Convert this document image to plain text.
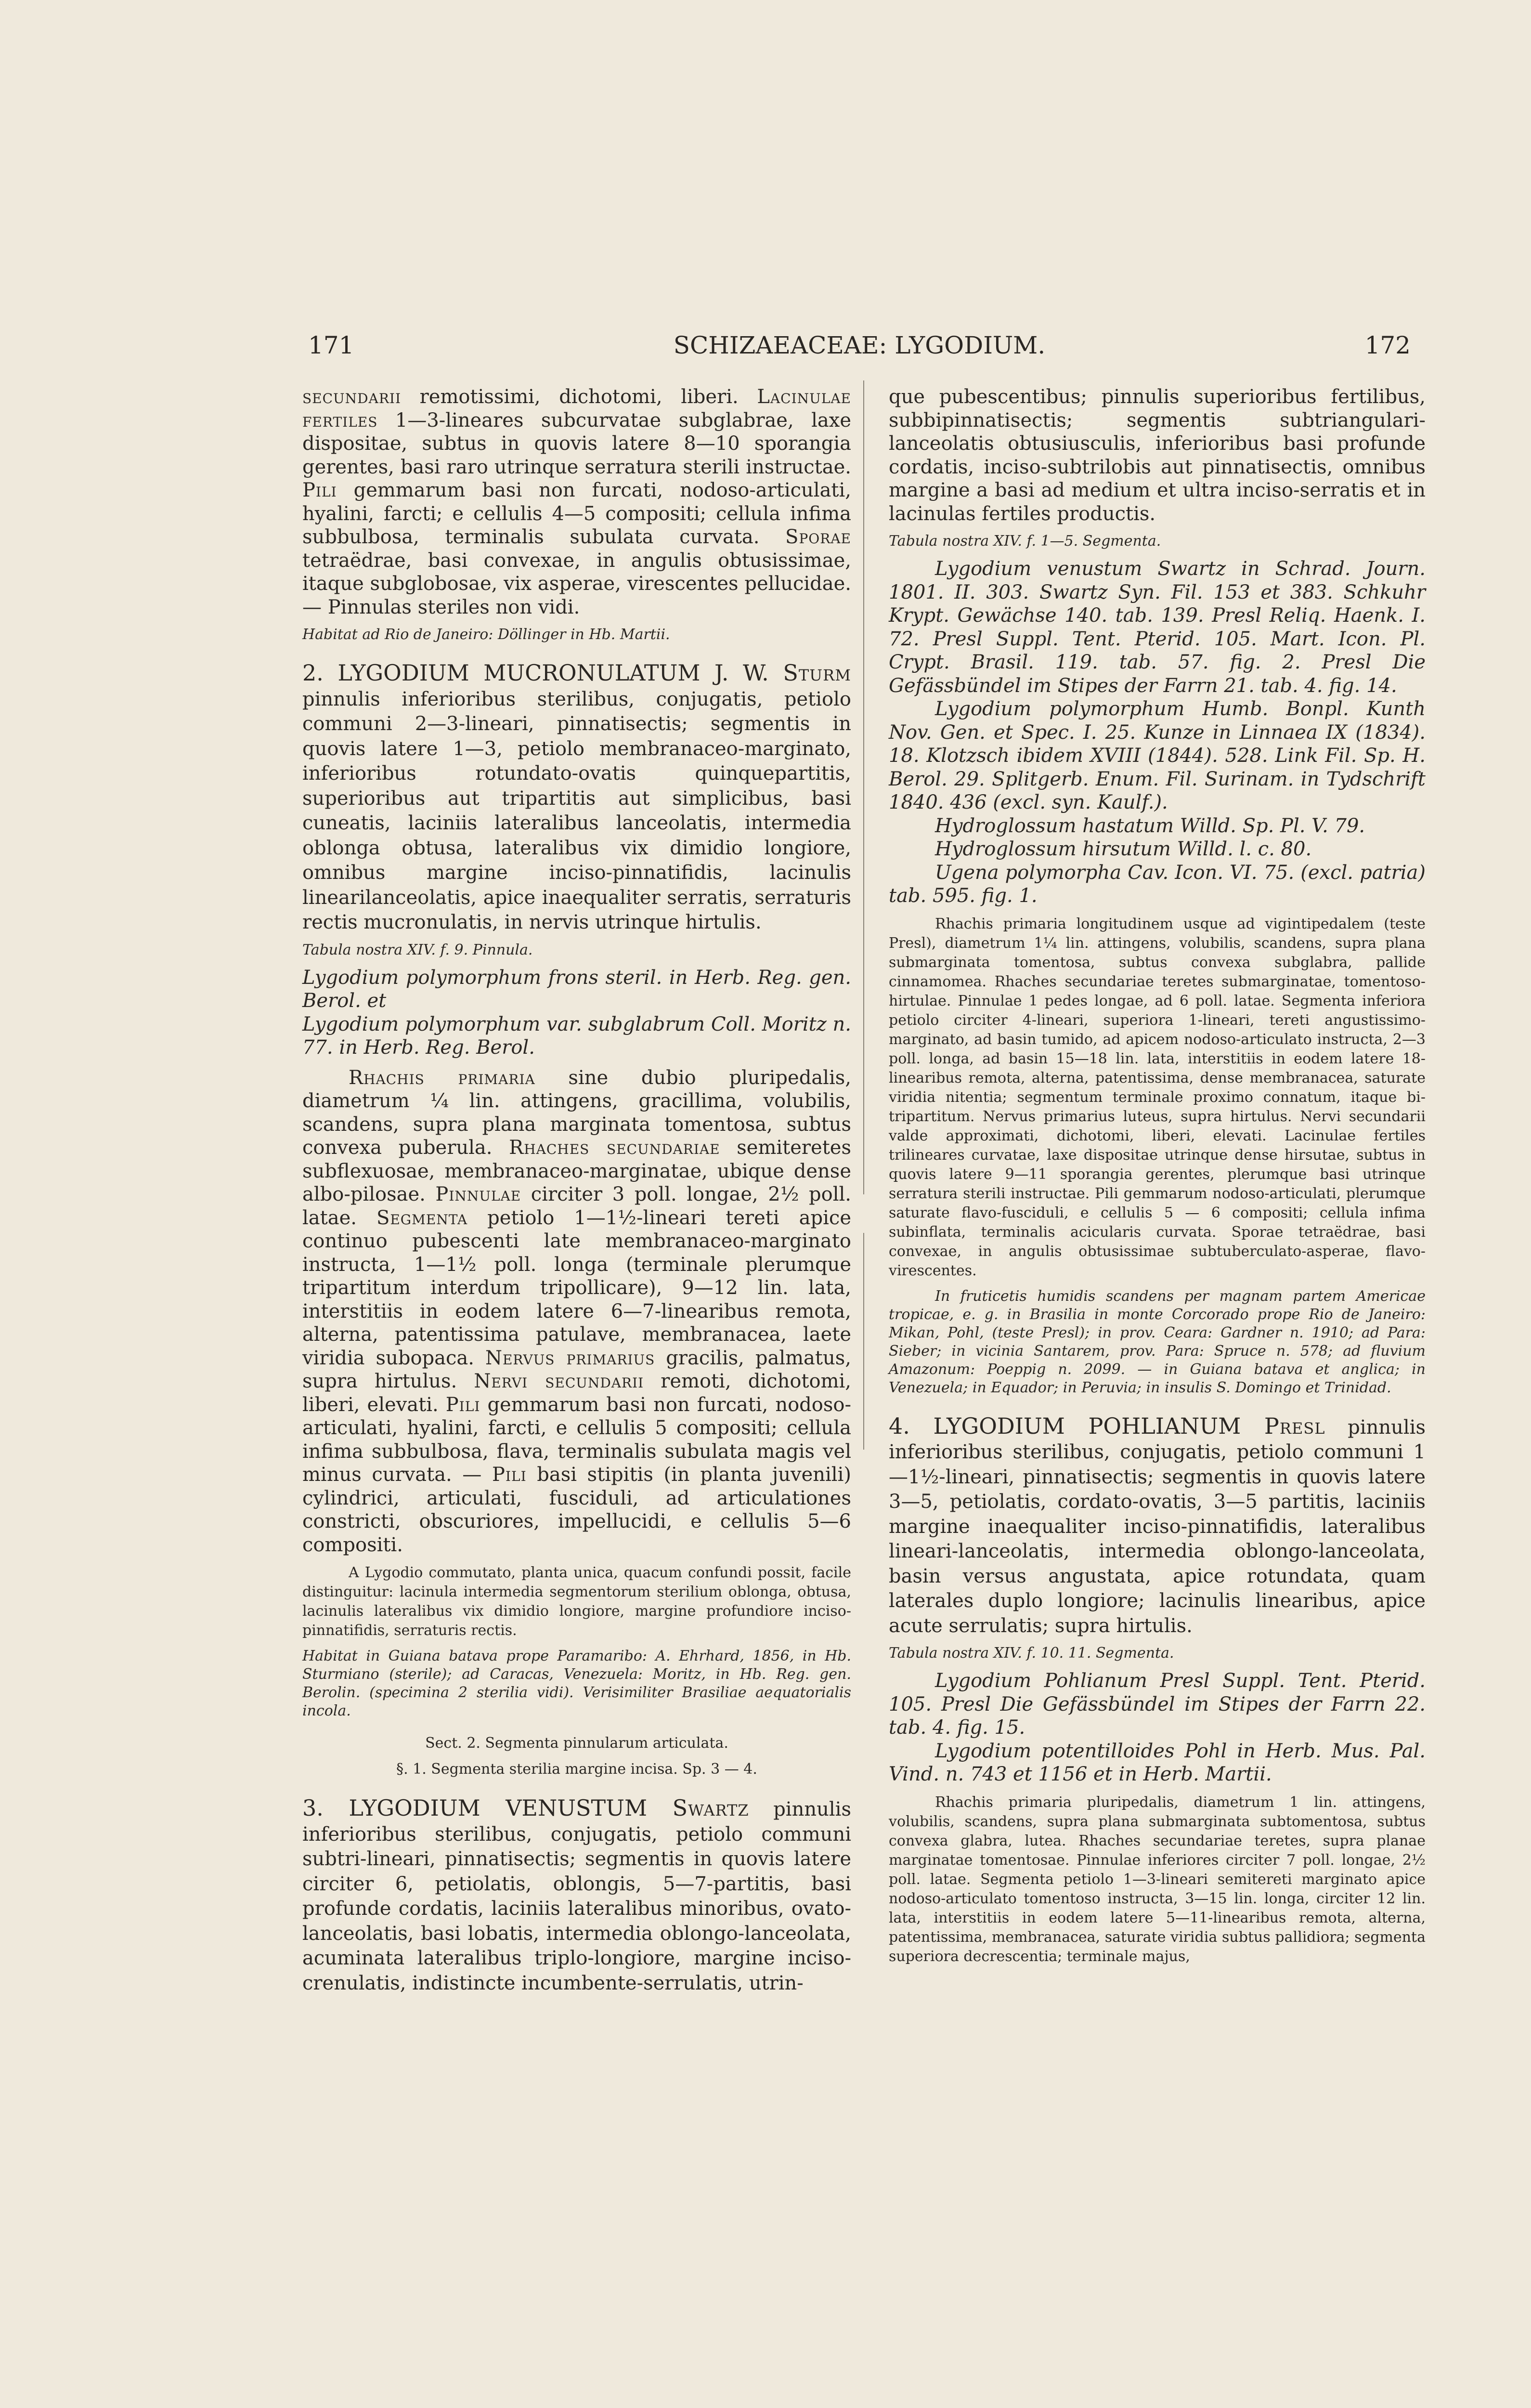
171	SCHIZAEACEAE: LYGODIUM.	172

secundarii remotissimi, dichotomi, liberi. Lacinulae fertiles 1—3-lineares subcurvatae subglabrae, laxe dispositae, subtus in quovis latere 8—10 sporangia gerentes, basi raro utrinque serratura sterili instructae. Pili gemmarum basi non furcati, nodoso-articulati, hyalini, farcti; e cellulis 4—5 compositi; cellula infima subbulbosa, terminalis subulata curvata. Sporae tetraëdrae, basi convexae, in angulis obtusissimae, itaque subglobosae, vix asperae, virescentes pellucidae. — Pinnulas steriles non vidi.

Habitat ad Rio de Janeiro: Döllinger in Hb. Martii.

2. LYGODIUM MUCRONULATUM J. W. Sturm pinnulis inferioribus sterilibus, conjugatis, petiolo communi 2—3-lineari, pinnatisectis; segmentis in quovis latere 1—3, petiolo membranaceo-marginato, inferioribus rotundato-ovatis quinquepartitis, superioribus aut tripartitis aut simplicibus, basi cuneatis, laciniis lateralibus lanceolatis, intermedia oblonga obtusa, lateralibus vix dimidio longiore, omnibus margine inciso-pinnatifidis, lacinulis linearilanceolatis, apice inaequaliter serratis, serraturis rectis mucronulatis, in nervis utrinque hirtulis.

Tabula nostra XIV. f. 9. Pinnula.

Lygodium polymorphum frons steril. in Herb. Reg. gen. Berol. et

Lygodium polymorphum var. subglabrum Coll. Moritz n. 77. in Herb. Reg. Berol.

Rhachis primaria sine dubio pluripedalis, diametrum ¼ lin. attingens, gracillima, volubilis, scandens, supra plana marginata tomentosa, subtus convexa puberula. Rhaches secundariae semiteretes subflexuosae, membranaceo-marginatae, ubique dense albo-pilosae. Pinnulae circiter 3 poll. longae, 2½ poll. latae. Segmenta petiolo 1—1½-lineari tereti apice continuo pubescenti late membranaceo-marginato instructa, 1—1½ poll. longa (terminale plerumque tripartitum interdum tripollicare), 9—12 lin. lata, interstitiis in eodem latere 6—7-linearibus remota, alterna, patentissima patulave, membranacea, laete viridia subopaca. Nervus primarius gracilis, palmatus, supra hirtulus. Nervi secundarii remoti, dichotomi, liberi, elevati. Pili gemmarum basi non furcati, nodoso-articulati, hyalini, farcti, e cellulis 5 compositi; cellula infima subbulbosa, flava, terminalis subulata magis vel minus curvata. — Pili basi stipitis (in planta juvenili) cylindrici, articulati, fusciduli, ad articulationes constricti, obscuriores, impellucidi, e cellulis 5—6 compositi.

A Lygodio commutato, planta unica, quacum confundi possit, facile distinguitur: lacinula intermedia segmentorum sterilium oblonga, obtusa, lacinulis lateralibus vix dimidio longiore, margine profundiore inciso-pinnatifidis, serraturis rectis.

Habitat in Guiana batava prope Paramaribo: A. Ehrhard, 1856, in Hb. Sturmiano (sterile); ad Caracas, Venezuela: Moritz, in Hb. Reg. gen. Berolin. (specimina 2 sterilia vidi). Verisimiliter Brasiliae aequatorialis incola.

Sect. 2. Segmenta pinnularum articulata.

§. 1. Segmenta sterilia margine incisa. Sp. 3 — 4.

3. LYGODIUM VENUSTUM Swartz pinnulis inferioribus sterilibus, conjugatis, petiolo communi subtri-lineari, pinnatisectis; segmentis in quovis latere circiter 6, petiolatis, oblongis, 5—7-partitis, basi profunde cordatis, laciniis lateralibus minoribus, ovato-lanceolatis, basi lobatis, intermedia oblongo-lanceolata, acuminata lateralibus triplo-longiore, margine inciso-crenulatis, indistincte incumbente-serrulatis, utrin-

que pubescentibus; pinnulis superioribus fertilibus, subbipinnatisectis; segmentis subtriangulari-lanceolatis obtusiusculis, inferioribus basi profunde cordatis, inciso-subtrilobis aut pinnatisectis, omnibus margine a basi ad medium et ultra inciso-serratis et in lacinulas fertiles productis.

Tabula nostra XIV. f. 1—5. Segmenta.

Lygodium venustum Swartz in Schrad. Journ. 1801. II. 303. Swartz Syn. Fil. 153 et 383. Schkuhr Krypt. Gewächse 140. tab. 139. Presl Reliq. Haenk. I. 72. Presl Suppl. Tent. Pterid. 105. Mart. Icon. Pl. Crypt. Brasil. 119. tab. 57. fig. 2. Presl Die Gefässbündel im Stipes der Farrn 21. tab. 4. fig. 14.

Lygodium polymorphum Humb. Bonpl. Kunth Nov. Gen. et Spec. I. 25. Kunze in Linnaea IX (1834). 18. Klotzsch ibidem XVIII (1844). 528. Link Fil. Sp. H. Berol. 29. Splitgerb. Enum. Fil. Surinam. in Tydschrift 1840. 436 (excl. syn. Kaulf.).

Hydroglossum hastatum Willd. Sp. Pl. V. 79.

Hydroglossum hirsutum Willd. l. c. 80.

Ugena polymorpha Cav. Icon. VI. 75. (excl. patria) tab. 595. fig. 1.

Rhachis primaria longitudinem usque ad vigintipedalem (teste Presl), diametrum 1¼ lin. attingens, volubilis, scandens, supra plana submarginata tomentosa, subtus convexa subglabra, pallide cinnamomea. Rhaches secundariae teretes submarginatae, tomentoso-hirtulae. Pinnulae 1 pedes longae, ad 6 poll. latae. Segmenta inferiora petiolo circiter 4-lineari, superiora 1-lineari, tereti angustissimo-marginato, ad basin tumido, ad apicem nodoso-articulato instructa, 2—3 poll. longa, ad basin 15—18 lin. lata, interstitiis in eodem latere 18-linearibus remota, alterna, patentissima, dense membranacea, saturate viridia nitentia; segmentum terminale proximo connatum, itaque bi-tripartitum. Nervus primarius luteus, supra hirtulus. Nervi secundarii valde approximati, dichotomi, liberi, elevati. Lacinulae fertiles trilineares curvatae, laxe dispositae utrinque dense hirsutae, subtus in quovis latere 9—11 sporangia gerentes, plerumque basi utrinque serratura sterili instructae. Pili gemmarum nodoso-articulati, plerumque saturate flavo-fusciduli, e cellulis 5 — 6 compositi; cellula infima subinflata, terminalis acicularis curvata. Sporae tetraëdrae, basi convexae, in angulis obtusissimae subtuberculato-asperae, flavo-virescentes.

In fruticetis humidis scandens per magnam partem Americae tropicae, e. g. in Brasilia in monte Corcorado prope Rio de Janeiro: Mikan, Pohl, (teste Presl); in prov. Ceara: Gardner n. 1910; ad Para: Sieber; in vicinia Santarem, prov. Para: Spruce n. 578; ad fluvium Amazonum: Poeppig n. 2099. — in Guiana batava et anglica; in Venezuela; in Equador; in Peruvia; in insulis S. Domingo et Trinidad.

4. LYGODIUM POHLIANUM Presl pinnulis inferioribus sterilibus, conjugatis, petiolo communi 1—1½-lineari, pinnatisectis; segmentis in quovis latere 3—5, petiolatis, cordato-ovatis, 3—5 partitis, laciniis margine inaequaliter inciso-pinnatifidis, lateralibus lineari-lanceolatis, intermedia oblongo-lanceolata, basin versus angustata, apice rotundata, quam laterales duplo longiore; lacinulis linearibus, apice acute serrulatis; supra hirtulis.

Tabula nostra XIV. f. 10. 11. Segmenta.

Lygodium Pohlianum Presl Suppl. Tent. Pterid. 105. Presl Die Gefässbündel im Stipes der Farrn 22. tab. 4. fig. 15.

Lygodium potentilloides Pohl in Herb. Mus. Pal. Vind. n. 743 et 1156 et in Herb. Martii.

Rhachis primaria pluripedalis, diametrum 1 lin. attingens, volubilis, scandens, supra plana submarginata subtomentosa, subtus convexa glabra, lutea. Rhaches secundariae teretes, supra planae marginatae tomentosae. Pinnulae inferiores circiter 7 poll. longae, 2½ poll. latae. Segmenta petiolo 1—3-lineari semitereti marginato apice nodoso-articulato tomentoso instructa, 3—15 lin. longa, circiter 12 lin. lata, interstitiis in eodem latere 5—11-linearibus remota, alterna, patentissima, membranacea, saturate viridia subtus pallidiora; segmenta superiora decrescentia; terminale majus,
